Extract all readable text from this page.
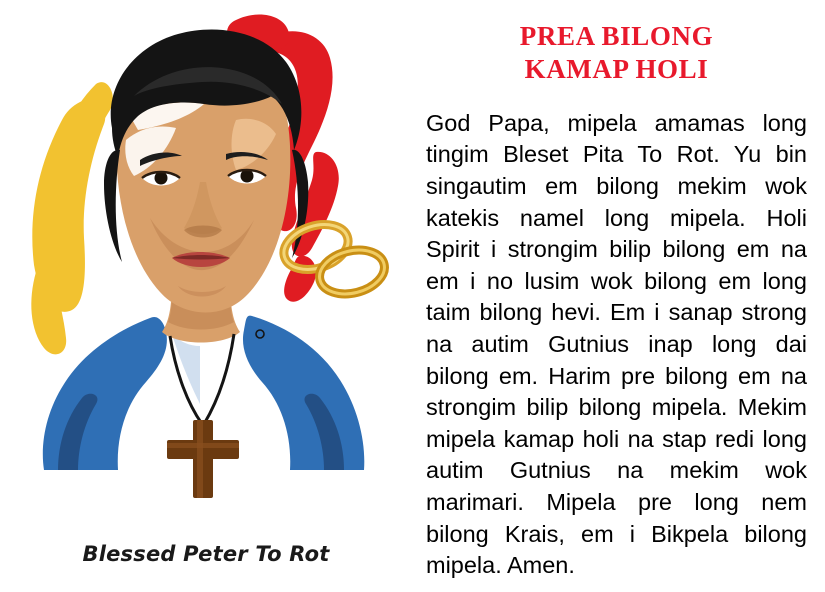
Blessed Peter To Rot
PREA BILONG
KAMAP HOLI

God Papa, mipela amamas long tingim Bleset Pita To Rot. Yu bin singautim em bilong mekim wok katekis namel long mipela. Holi Spirit i strongim bilip bilong em na em i no lusim wok bilong em long taim bilong hevi. Em i sanap strong na autim Gutnius inap long dai bilong em. Harim pre bilong em na strongim bilip bilong mipela. Mekim mipela kamap holi na stap redi long autim Gutnius na mekim wok marimari. Mipela pre long nem bilong Krais, em i Bikpela bilong mipela. Amen.
